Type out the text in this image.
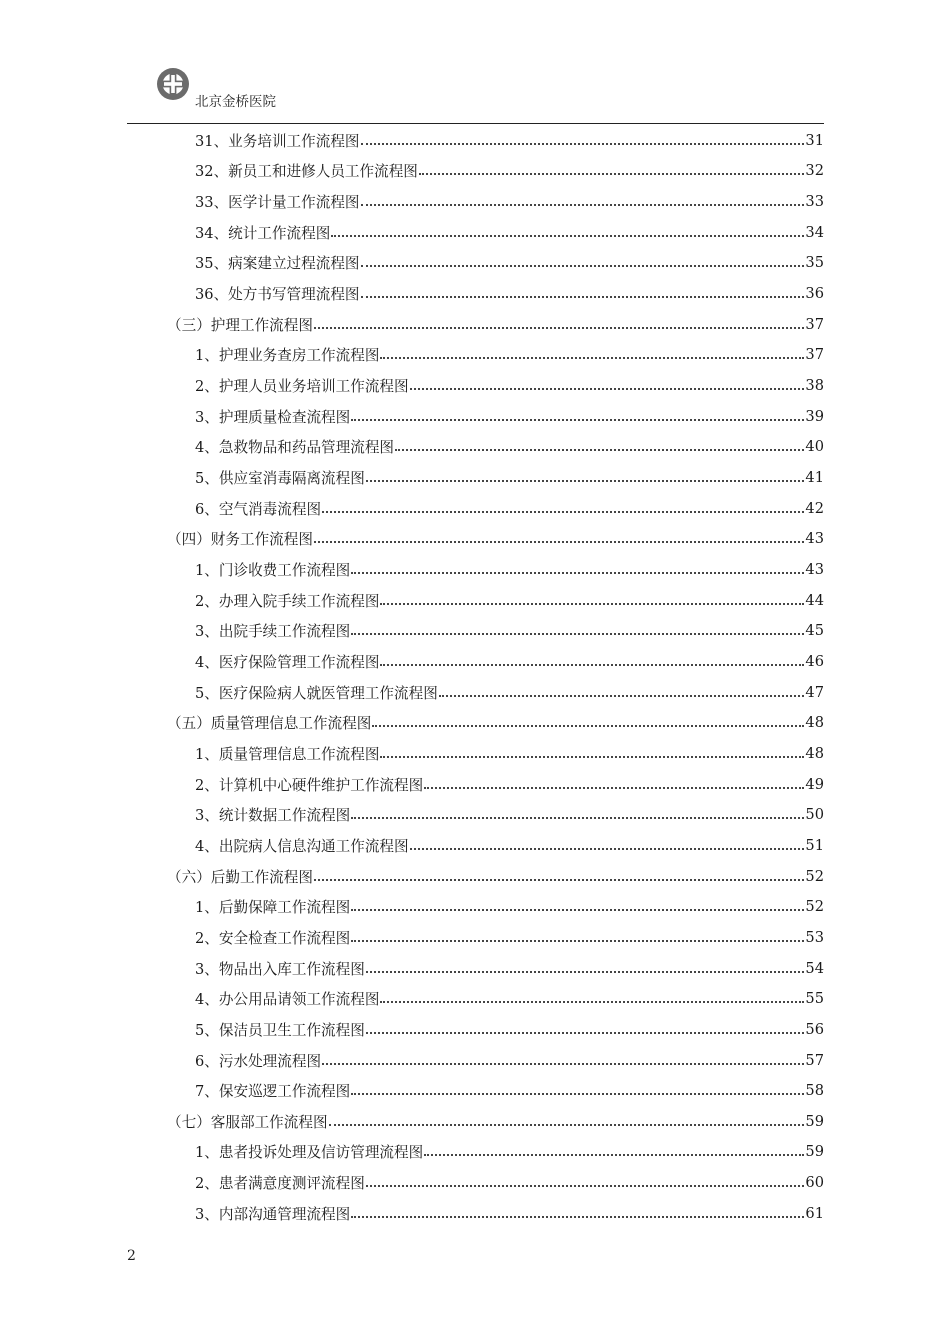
北京金桥医院
31、业务培训工作流程图	31
32、新员工和进修人员工作流程图	32
33、医学计量工作流程图	33
34、统计工作流程图	34
35、病案建立过程流程图	35
36、处方书写管理流程图	36
（三）护理工作流程图	37
1、护理业务查房工作流程图	37
2、护理人员业务培训工作流程图	38
3、护理质量检查流程图	39
4、急救物品和药品管理流程图	40
5、供应室消毒隔离流程图	41
6、空气消毒流程图	42
（四）财务工作流程图	43
1、门诊收费工作流程图	43
2、办理入院手续工作流程图	44
3、出院手续工作流程图	45
4、医疗保险管理工作流程图	46
5、医疗保险病人就医管理工作流程图	47
（五）质量管理信息工作流程图	48
1、质量管理信息工作流程图	48
2、计算机中心硬件维护工作流程图	49
3、统计数据工作流程图	50
4、出院病人信息沟通工作流程图	51
（六）后勤工作流程图	52
1、后勤保障工作流程图	52
2、安全检查工作流程图	53
3、物品出入库工作流程图	54
4、办公用品请领工作流程图	55
5、保洁员卫生工作流程图	56
6、污水处理流程图	57
7、保安巡逻工作流程图	58
（七）客服部工作流程图	59
1、患者投诉处理及信访管理流程图	59
2、患者满意度测评流程图	60
3、内部沟通管理流程图	61
2
